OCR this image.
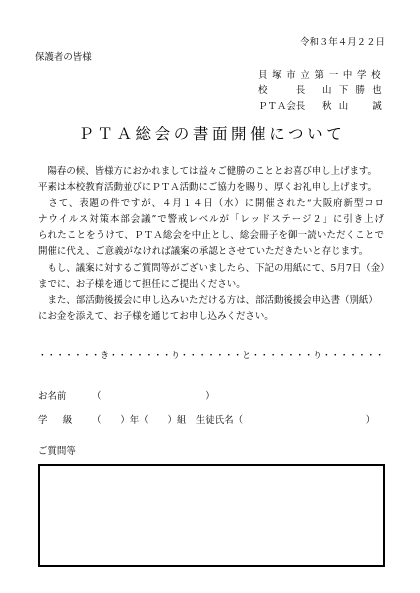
令和３年４月２２日
保護者の皆様
貝塚市立第一中学校
校　　　長 山下勝也
ＰＴＡ会長 秋山　誠
ＰＴＡ総会の書面開催について
　陽春の候、皆様方におかれましては益々ご健勝のこととお喜び申し上げます。
平素は本校教育活動並びにＰＴＡ活動にご協力を賜り、厚くお礼申し上げます。
　さて、表題の件ですが、４月１４日（水）に開催された“大阪府新型コロ
ナウイルス対策本部会議”で警戒レベルが「レッドステージ２」に引き上げ
られたことをうけて、ＰＴＡ総会を中止とし、総会冊子を御一読いただくことで
開催に代え、ご意義がなければ議案の承認とさせていただきたいと存じます。
　もし、議案に対するご質問等がございましたら、下記の用紙にて、5月7日（金）
までに、お子様を通じて担任にご提出ください。
　また、部活動後援会に申し込みいただける方は、部活動後援会申込書（別紙）
にお金を添えて、お子様を通じてお申し込みください。
・・・・・・・き・・・・・・・り・・・・・・・と・・・・・・・り・・・・・・・
お名前	（　　　　　　　　　　　）
学　級 （　　）年（　　）組　生徒氏名（　　　　　　　　　　　　　）
ご質問等
